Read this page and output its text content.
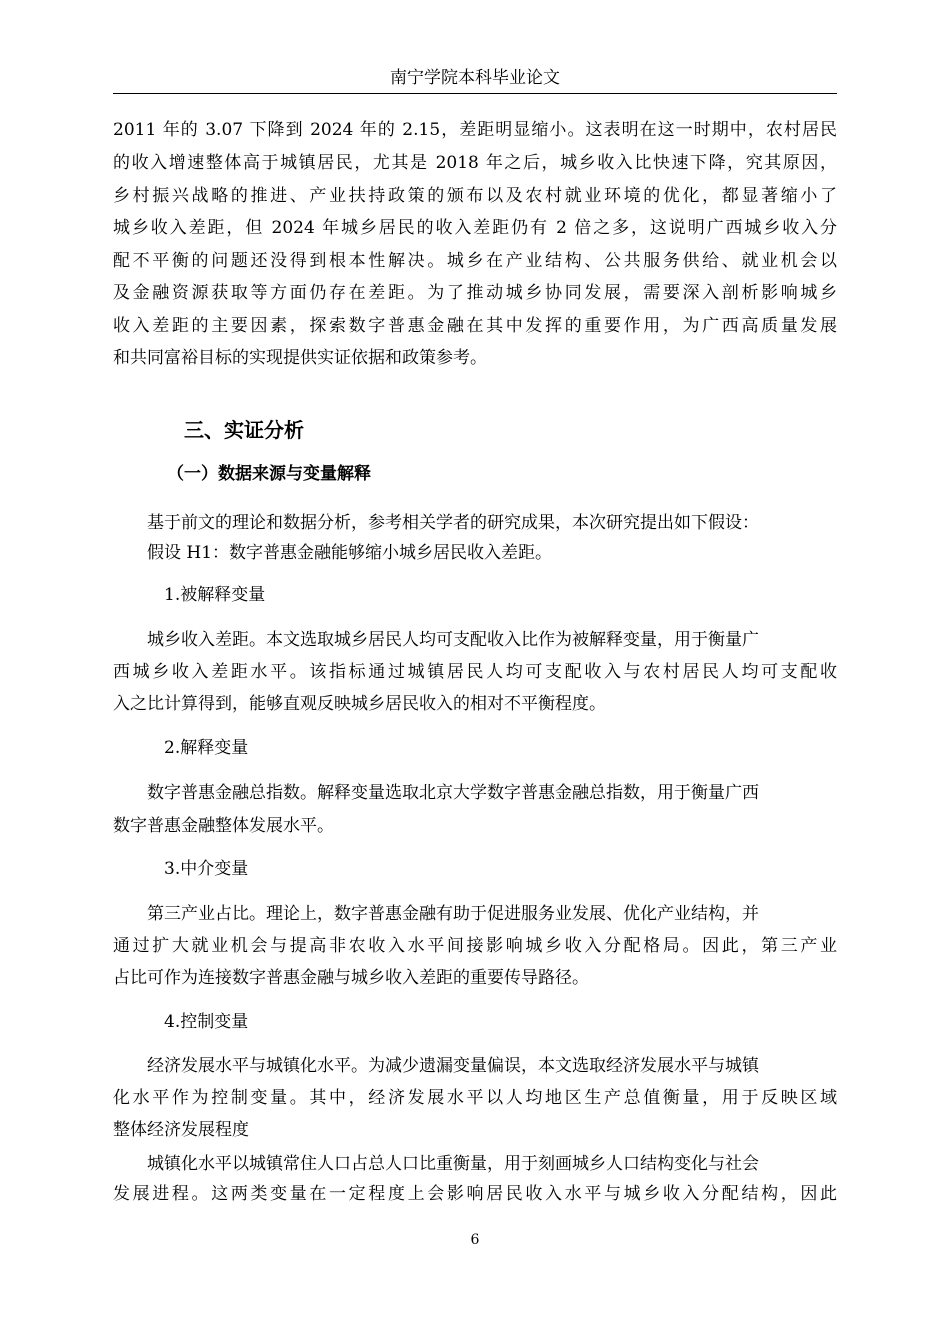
南宁学院本科毕业论文
2011 年的 3.07 下降到 2024 年的 2.15，差距明显缩小。这表明在这一时期中，农村居民
的收入增速整体高于城镇居民，尤其是 2018 年之后，城乡收入比快速下降，究其原因，
乡村振兴战略的推进、产业扶持政策的颁布以及农村就业环境的优化，都显著缩小了
城乡收入差距，但 2024 年城乡居民的收入差距仍有 2 倍之多，这说明广西城乡收入分
配不平衡的问题还没得到根本性解决。城乡在产业结构、公共服务供给、就业机会以
及金融资源获取等方面仍存在差距。为了推动城乡协同发展，需要深入剖析影响城乡
收入差距的主要因素，探索数字普惠金融在其中发挥的重要作用，为广西高质量发展
和共同富裕目标的实现提供实证依据和政策参考。
三、实证分析
（一）数据来源与变量解释
基于前文的理论和数据分析，参考相关学者的研究成果，本次研究提出如下假设：
假设 H1：数字普惠金融能够缩小城乡居民收入差距。
1.被解释变量
城乡收入差距。本文选取城乡居民人均可支配收入比作为被解释变量，用于衡量广
西城乡收入差距水平。该指标通过城镇居民人均可支配收入与农村居民人均可支配收
入之比计算得到，能够直观反映城乡居民收入的相对不平衡程度。
2.解释变量
数字普惠金融总指数。解释变量选取北京大学数字普惠金融总指数，用于衡量广西
数字普惠金融整体发展水平。
3.中介变量
第三产业占比。理论上，数字普惠金融有助于促进服务业发展、优化产业结构，并
通过扩大就业机会与提高非农收入水平间接影响城乡收入分配格局。因此，第三产业
占比可作为连接数字普惠金融与城乡收入差距的重要传导路径。
4.控制变量
经济发展水平与城镇化水平。为减少遗漏变量偏误，本文选取经济发展水平与城镇
化水平作为控制变量。其中，经济发展水平以人均地区生产总值衡量，用于反映区域
整体经济发展程度
城镇化水平以城镇常住人口占总人口比重衡量，用于刻画城乡人口结构变化与社会
发展进程。这两类变量在一定程度上会影响居民收入水平与城乡收入分配结构，因此
6
